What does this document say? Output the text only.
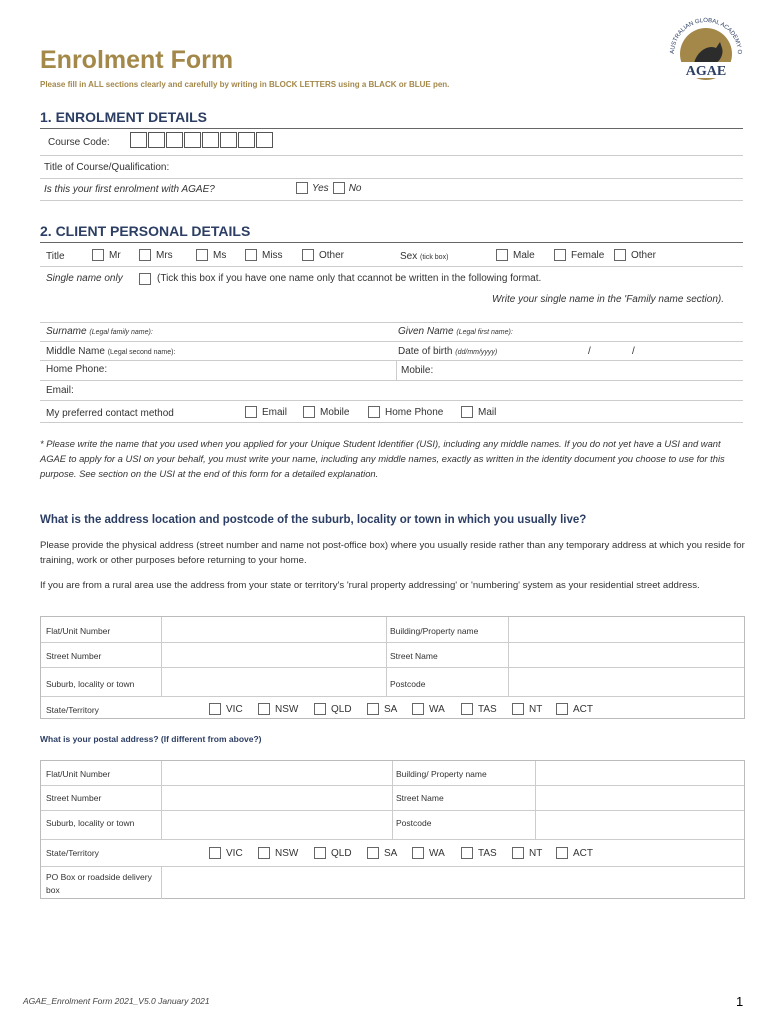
Enrolment Form
Please fill in ALL sections clearly and carefully by writing in BLOCK LETTERS using a BLACK or BLUE pen.
AUSTRALIAN GLOBAL ACADEMY O
AGAE
1. ENROLMENT DETAILS
Course Code:
Title of Course/Qualification:
Is this your first enrolment with AGAE?	Yes No
2. CLIENT PERSONAL DETAILS
Title	Mr	Mrs	Ms	Miss	Other	Sex (tick box)	Male	Female	Other
Single name only	(Tick this box if you have one name only that ccannot be written in the following format.
Write your single name in the 'Family name section).
Surname (Legal family name):	Given Name (Legal first name):
Middle Name (Legal second name):	Date of birth (dd/mm/yyyy)	/	/
Home Phone:	Mobile:
Email:
My preferred contact method	Email	Mobile	Home Phone	Mail
* Please write the name that you used when you applied for your Unique Student Identifier (USI), including any middle names. If you do not yet have a USI and want AGAE to apply for a USI on your behalf, you must write your name, including any middle names, exactly as written in the identity document you choose to use for this purpose. See section on the USI at the end of this form for a detailed explanation.
What is the address location and postcode of the suburb, locality or town in which you usually live?
Please provide the physical address (street number and name not post-office box) where you usually reside rather than any temporary address at which you reside for training, work or other purposes before returning to your home.
If you are from a rural area use the address from your state or territory's 'rural property addressing' or 'numbering' system as your residential street address.
Flat/Unit Number	Building/Property name
Street Number	Street Name
Suburb, locality or town	Postcode
State/Territory	VIC	NSW	QLD	SA	WA	TAS	NT	ACT
What is your postal address? (If different from above?)
Flat/Unit Number	Building/ Property name
Street Number	Street Name
Suburb, locality or town	Postcode
State/Territory	VIC	NSW	QLD	SA	WA	TAS	NT	ACT
PO Box or roadside delivery box
AGAE_Enrolment Form 2021_V5.0 January 2021	1
